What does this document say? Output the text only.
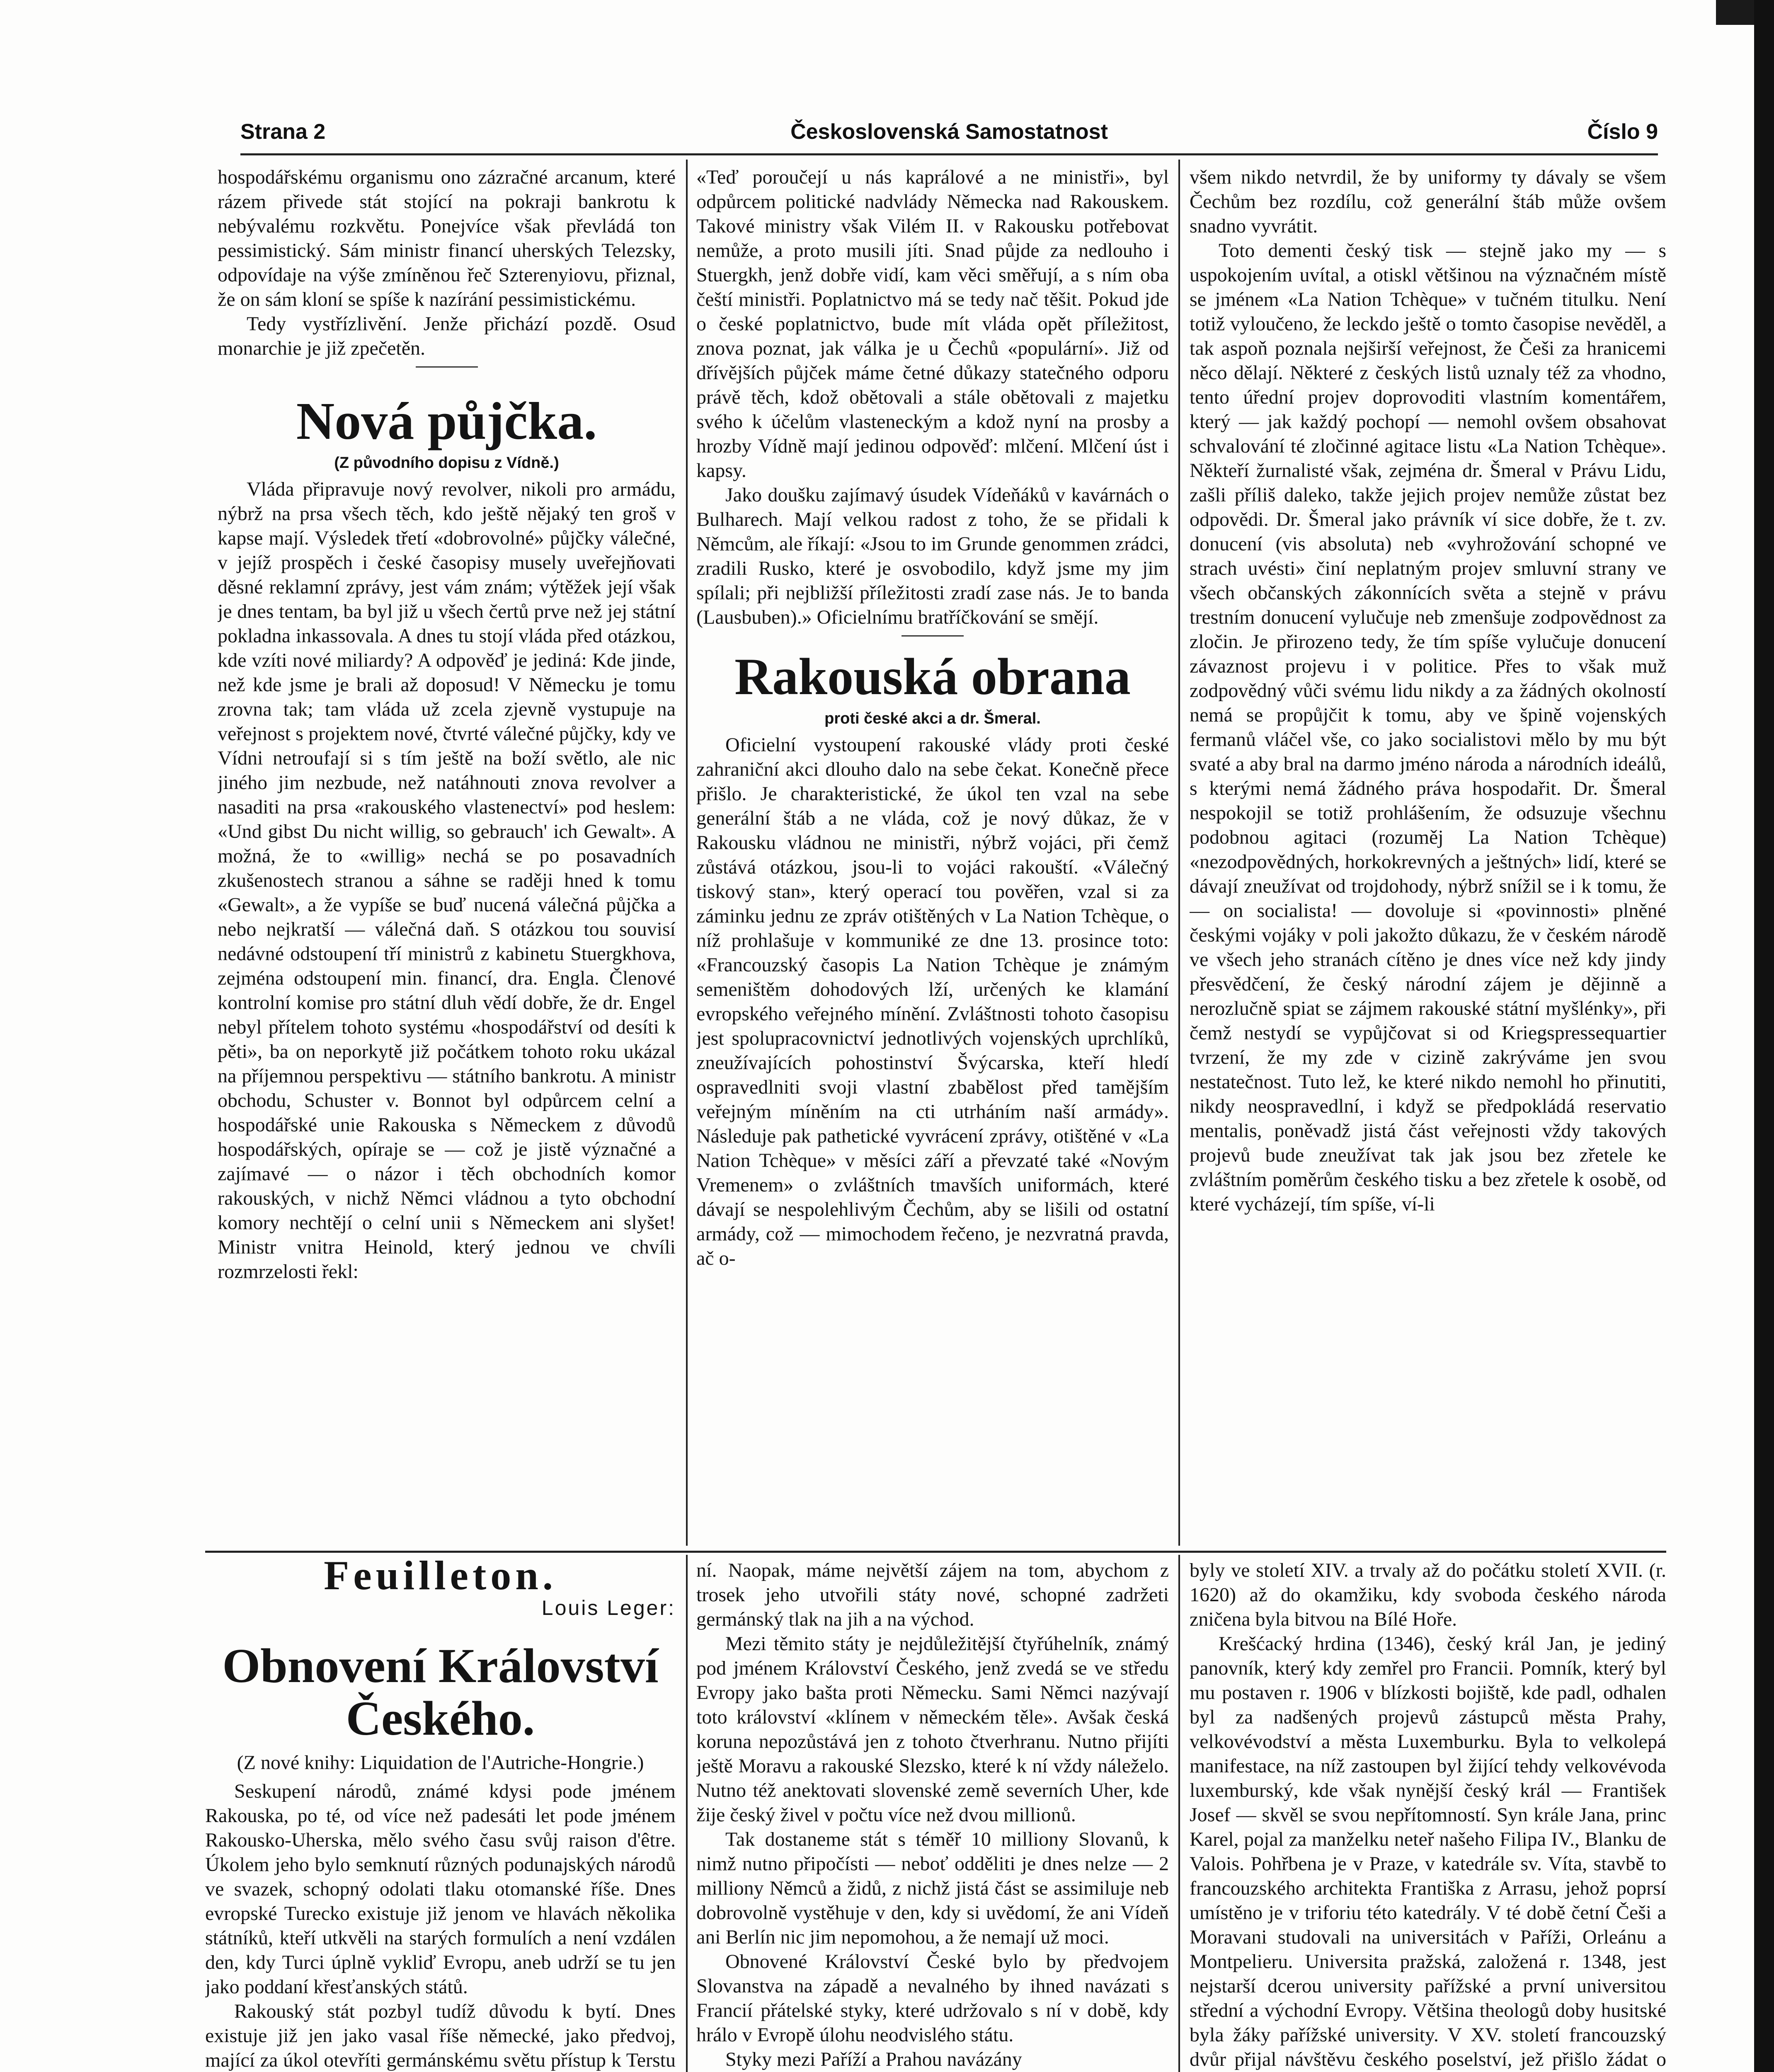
Strana 2	Československá Samostatnost	Číslo 9

hospodářskému organismu ono zázračné arcanum, které rázem přivede stát stojící na pokraji bankrotu k nebývalému rozkvětu. Ponejvíce však převládá ton pessimistický. Sám ministr financí uherských Telezsky, odpovídaje na výše zmíněnou řeč Szterenyiovu, přiznal, že on sám kloní se spíše k nazírání pessimistickému.

Tedy vystřízlivění. Jenže přichází pozdě. Osud monarchie je již zpečetěn.

Nová půjčka.
(Z původního dopisu z Vídně.)

Vláda připravuje nový revolver, nikoli pro armádu, nýbrž na prsa všech těch, kdo ještě nějaký ten groš v kapse mají. Výsledek třetí «dobrovolné» půjčky válečné, v jejíž prospěch i české časopisy musely uveřejňovati děsné reklamní zprávy, jest vám znám; výtěžek její však je dnes tentam, ba byl již u všech čertů prve než jej státní pokladna inkassovala. A dnes tu stojí vláda před otázkou, kde vzíti nové miliardy? A odpověď je jediná: Kde jinde, než kde jsme je brali až doposud! V Německu je tomu zrovna tak; tam vláda už zcela zjevně vystupuje na veřejnost s projektem nové, čtvrté válečné půjčky, kdy ve Vídni netroufají si s tím ještě na boží světlo, ale nic jiného jim nezbude, než natáhnouti znova revolver a nasaditi na prsa «rakouského vlastenectví» pod heslem: «Und gibst Du nicht willig, so gebrauch' ich Gewalt». A možná, že to «willig» nechá se po posavadních zkušenostech stranou a sáhne se raději hned k tomu «Gewalt», a že vypíše se buď nucená válečná půjčka a nebo nejkratší — válečná daň. S otázkou tou souvisí nedávné odstoupení tří ministrů z kabinetu Stuergkhova, zejména odstoupení min. financí, dra. Engla. Členové kontrolní komise pro státní dluh vědí dobře, že dr. Engel nebyl přítelem tohoto systému «hospodářství od desíti k pěti», ba on neporkytě již počátkem tohoto roku ukázal na příjemnou perspektivu — státního bankrotu. A ministr obchodu, Schuster v. Bonnot byl odpůrcem celní a hospodářské unie Rakouska s Německem z důvodů hospodářských, opíraje se — což je jistě význačné a zajímavé — o názor i těch obchodních komor rakouských, v nichž Němci vládnou a tyto obchodní komory nechtějí o celní unii s Německem ani slyšet! Ministr vnitra Heinold, který jednou ve chvíli rozmrzelosti řekl:

«Teď poroučejí u nás kaprálové a ne ministři», byl odpůrcem politické nadvlády Německa nad Rakouskem. Takové ministry však Vilém II. v Rakousku potřebovat nemůže, a proto musili jíti. Snad půjde za nedlouho i Stuergkh, jenž dobře vidí, kam věci směřují, a s ním oba čeští ministři. Poplatnictvo má se tedy nač těšit. Pokud jde o české poplatnictvo, bude mít vláda opět příležitost, znova poznat, jak válka je u Čechů «populární». Již od dřívějších půjček máme četné důkazy statečného odporu právě těch, kdož obětovali a stále obětovali z majetku svého k účelům vlasteneckým a kdož nyní na prosby a hrozby Vídně mají jedinou odpověď: mlčení. Mlčení úst i kapsy.

Jako doušku zajímavý úsudek Vídeňáků v kavárnách o Bulharech. Mají velkou radost z toho, že se přidali k Němcům, ale říkají: «Jsou to im Grunde genommen zrádci, zradili Rusko, které je osvobodilo, když jsme my jim spílali; při nejbližší příležitosti zradí zase nás. Je to banda (Lausbuben).» Oficielnímu bratříčkování se smějí.

Rakouská obrana
proti české akci a dr. Šmeral.

Oficielní vystoupení rakouské vlády proti české zahraniční akci dlouho dalo na sebe čekat. Konečně přece přišlo. Je charakteristické, že úkol ten vzal na sebe generální štáb a ne vláda, což je nový důkaz, že v Rakousku vládnou ne ministři, nýbrž vojáci, při čemž zůstává otázkou, jsou-li to vojáci rakouští. «Válečný tiskový stan», který operací tou pověřen, vzal si za záminku jednu ze zpráv otištěných v La Nation Tchèque, o níž prohlašuje v kommuniké ze dne 13. prosince toto: «Francouzský časopis La Nation Tchèque je známým semeništěm dohodových lží, určených ke klamání evropského veřejného mínění. Zvláštnosti tohoto časopisu jest spolupracovnictví jednotlivých vojenských uprchlíků, zneužívajících pohostinství Švýcarska, kteří hledí ospravedlniti svoji vlastní zbabělost před tamějším veřejným míněním na cti utrháním naší armády». Následuje pak pathetické vyvrácení zprávy, otištěné v «La Nation Tchèque» v měsíci září a převzaté také «Novým Vremenem» o zvláštních tmavších uniformách, které dávají se nespolehlivým Čechům, aby se lišili od ostatní armády, což — mimochodem řečeno, je nezvratná pravda, ač o-

všem nikdo netvrdil, že by uniformy ty dávaly se všem Čechům bez rozdílu, což generální štáb může ovšem snadno vyvrátit.

Toto dementi český tisk — stejně jako my — s uspokojením uvítal, a otiskl většinou na význačném místě se jménem «La Nation Tchèque» v tučném titulku. Není totiž vyloučeno, že leckdo ještě o tomto časopise nevěděl, a tak aspoň poznala nejširší veřejnost, že Češi za hranicemi něco dělají. Některé z českých listů uznaly též za vhodno, tento úřední projev doprovoditi vlastním komentářem, který — jak každý pochopí — nemohl ovšem obsahovat schvalování té zločinné agitace listu «La Nation Tchèque». Někteří žurnalisté však, zejména dr. Šmeral v Právu Lidu, zašli příliš daleko, takže jejich projev nemůže zůstat bez odpovědi. Dr. Šmeral jako právník ví sice dobře, že t. zv. donucení (vis absoluta) neb «vyhrožování schopné ve strach uvésti» činí neplatným projev smluvní strany ve všech občanských zákonnících světa a stejně v právu trestním donucení vylučuje neb zmenšuje zodpovědnost za zločin. Je přirozeno tedy, že tím spíše vylučuje donucení závaznost projevu i v politice. Přes to však muž zodpovědný vůči svému lidu nikdy a za žádných okolností nemá se propůjčit k tomu, aby ve špině vojenských fermanů vláčel vše, co jako socialistovi mělo by mu být svaté a aby bral na darmo jméno národa a národních ideálů, s kterými nemá žádného práva hospodařit. Dr. Šmeral nespokojil se totiž prohlášením, že odsuzuje všechnu podobnou agitaci (rozuměj La Nation Tchèque) «nezodpovědných, horkokrevných a ještných» lidí, které se dávají zneužívat od trojdohody, nýbrž snížil se i k tomu, že — on socialista! — dovoluje si «povinnosti» plněné českými vojáky v poli jakožto důkazu, že v českém národě ve všech jeho stranách cítěno je dnes více než kdy jindy přesvědčení, že český národní zájem je dějinně a nerozlučně spiat se zájmem rakouské státní myšlénky», při čemž nestydí se vypůjčovat si od Kriegspressequartier tvrzení, že my zde v cizině zakrýváme jen svou nestatečnost. Tuto lež, ke které nikdo nemohl ho přinutiti, nikdy neospravedlní, i když se předpokládá reservatio mentalis, poněvadž jistá část veřejnosti vždy takových projevů bude zneužívat tak jak jsou bez zřetele ke zvláštním poměrům českého tisku a bez zřetele k osobě, od které vycházejí, tím spíše, ví-li

Feuilleton.
Louis Leger:
Obnovení Království Českého.
(Z nové knihy: Liquidation de l'Autriche-Hongrie.)

Seskupení národů, známé kdysi pode jménem Rakouska, po té, od více než padesáti let pode jménem Rakousko-Uherska, mělo svého času svůj raison d'être. Úkolem jeho bylo semknutí různých podunajských národů ve svazek, schopný odolati tlaku otomanské říše. Dnes evropské Turecko existuje již jenom ve hlavách několika státníků, kteří utkvěli na starých formulích a není vzdálen den, kdy Turci úplně vykliď Evropu, aneb udrží se tu jen jako poddaní křesťanských států.

Rakouský stát pozbyl tudíž důvodu k bytí. Dnes existuje již jen jako vasal říše německé, jako předvoj, mající za úkol otevříti germánskému světu přístup k Terstu

ní. Naopak, máme největší zájem na tom, abychom z trosek jeho utvořili státy nové, schopné zadržeti germánský tlak na jih a na východ.

Mezi těmito státy je nejdůležitější čtyřúhelník, známý pod jménem Království Českého, jenž zvedá se ve středu Evropy jako bašta proti Německu. Sami Němci nazývají toto království «klínem v německém těle». Avšak česká koruna nepozůstává jen z tohoto čtverhranu. Nutno přijíti ještě Moravu a rakouské Slezsko, které k ní vždy náleželo. Nutno též anektovati slovenské země severních Uher, kde žije český živel v počtu více než dvou millionů.

Tak dostaneme stát s téměř 10 milliony Slovanů, k nimž nutno připočísti — neboť odděliti je dnes nelze — 2 milliony Němců a židů, z nichž jistá část se assimiluje neb dobrovolně vystěhuje v den, kdy si uvědomí, že ani Vídeň ani Berlín nic jim nepomohou, a že nemají už moci.

Obnovené Království České bylo by předvojem Slovanstva na západě a nevalného by ihned navázati s Francií přátelské styky, které udržovalo s ní v době, kdy hrálo v Evropě úlohu neodvislého státu.

Styky mezi Paříží a Prahou navázány

byly ve století XIV. a trvaly až do počátku století XVII. (r. 1620) až do okamžiku, kdy svoboda českého národa zničena byla bitvou na Bílé Hoře.

Krešćacký hrdina (1346), český král Jan, je jediný panovník, který kdy zemřel pro Francii. Pomník, který byl mu postaven r. 1906 v blízkosti bojiště, kde padl, odhalen byl za nadšených projevů zástupců města Prahy, velkovévodství a města Luxemburku. Byla to velkolepá manifestace, na níž zastoupen byl žijící tehdy velkovévoda luxemburský, kde však nynější český král — František Josef — skvěl se svou nepřítomností. Syn krále Jana, princ Karel, pojal za manželku neteř našeho Filipa IV., Blanku de Valois. Pohřbena je v Praze, v katedrále sv. Víta, stavbě to francouzského architekta Františka z Arrasu, jehož poprsí umístěno je v triforiu této katedrály. V té době četní Češi a Moravani studovali na universitách v Paříži, Orleánu a Montpelieru. Universita pražská, založená r. 1348, jest nejstarší dcerou university pařížské a první universitou střední a východní Evropy. Většina theologů doby husitské byla žáky pařížské university. V XV. století francouzský dvůr přijal návštěvu českého poselství, jež přišlo žádat o
